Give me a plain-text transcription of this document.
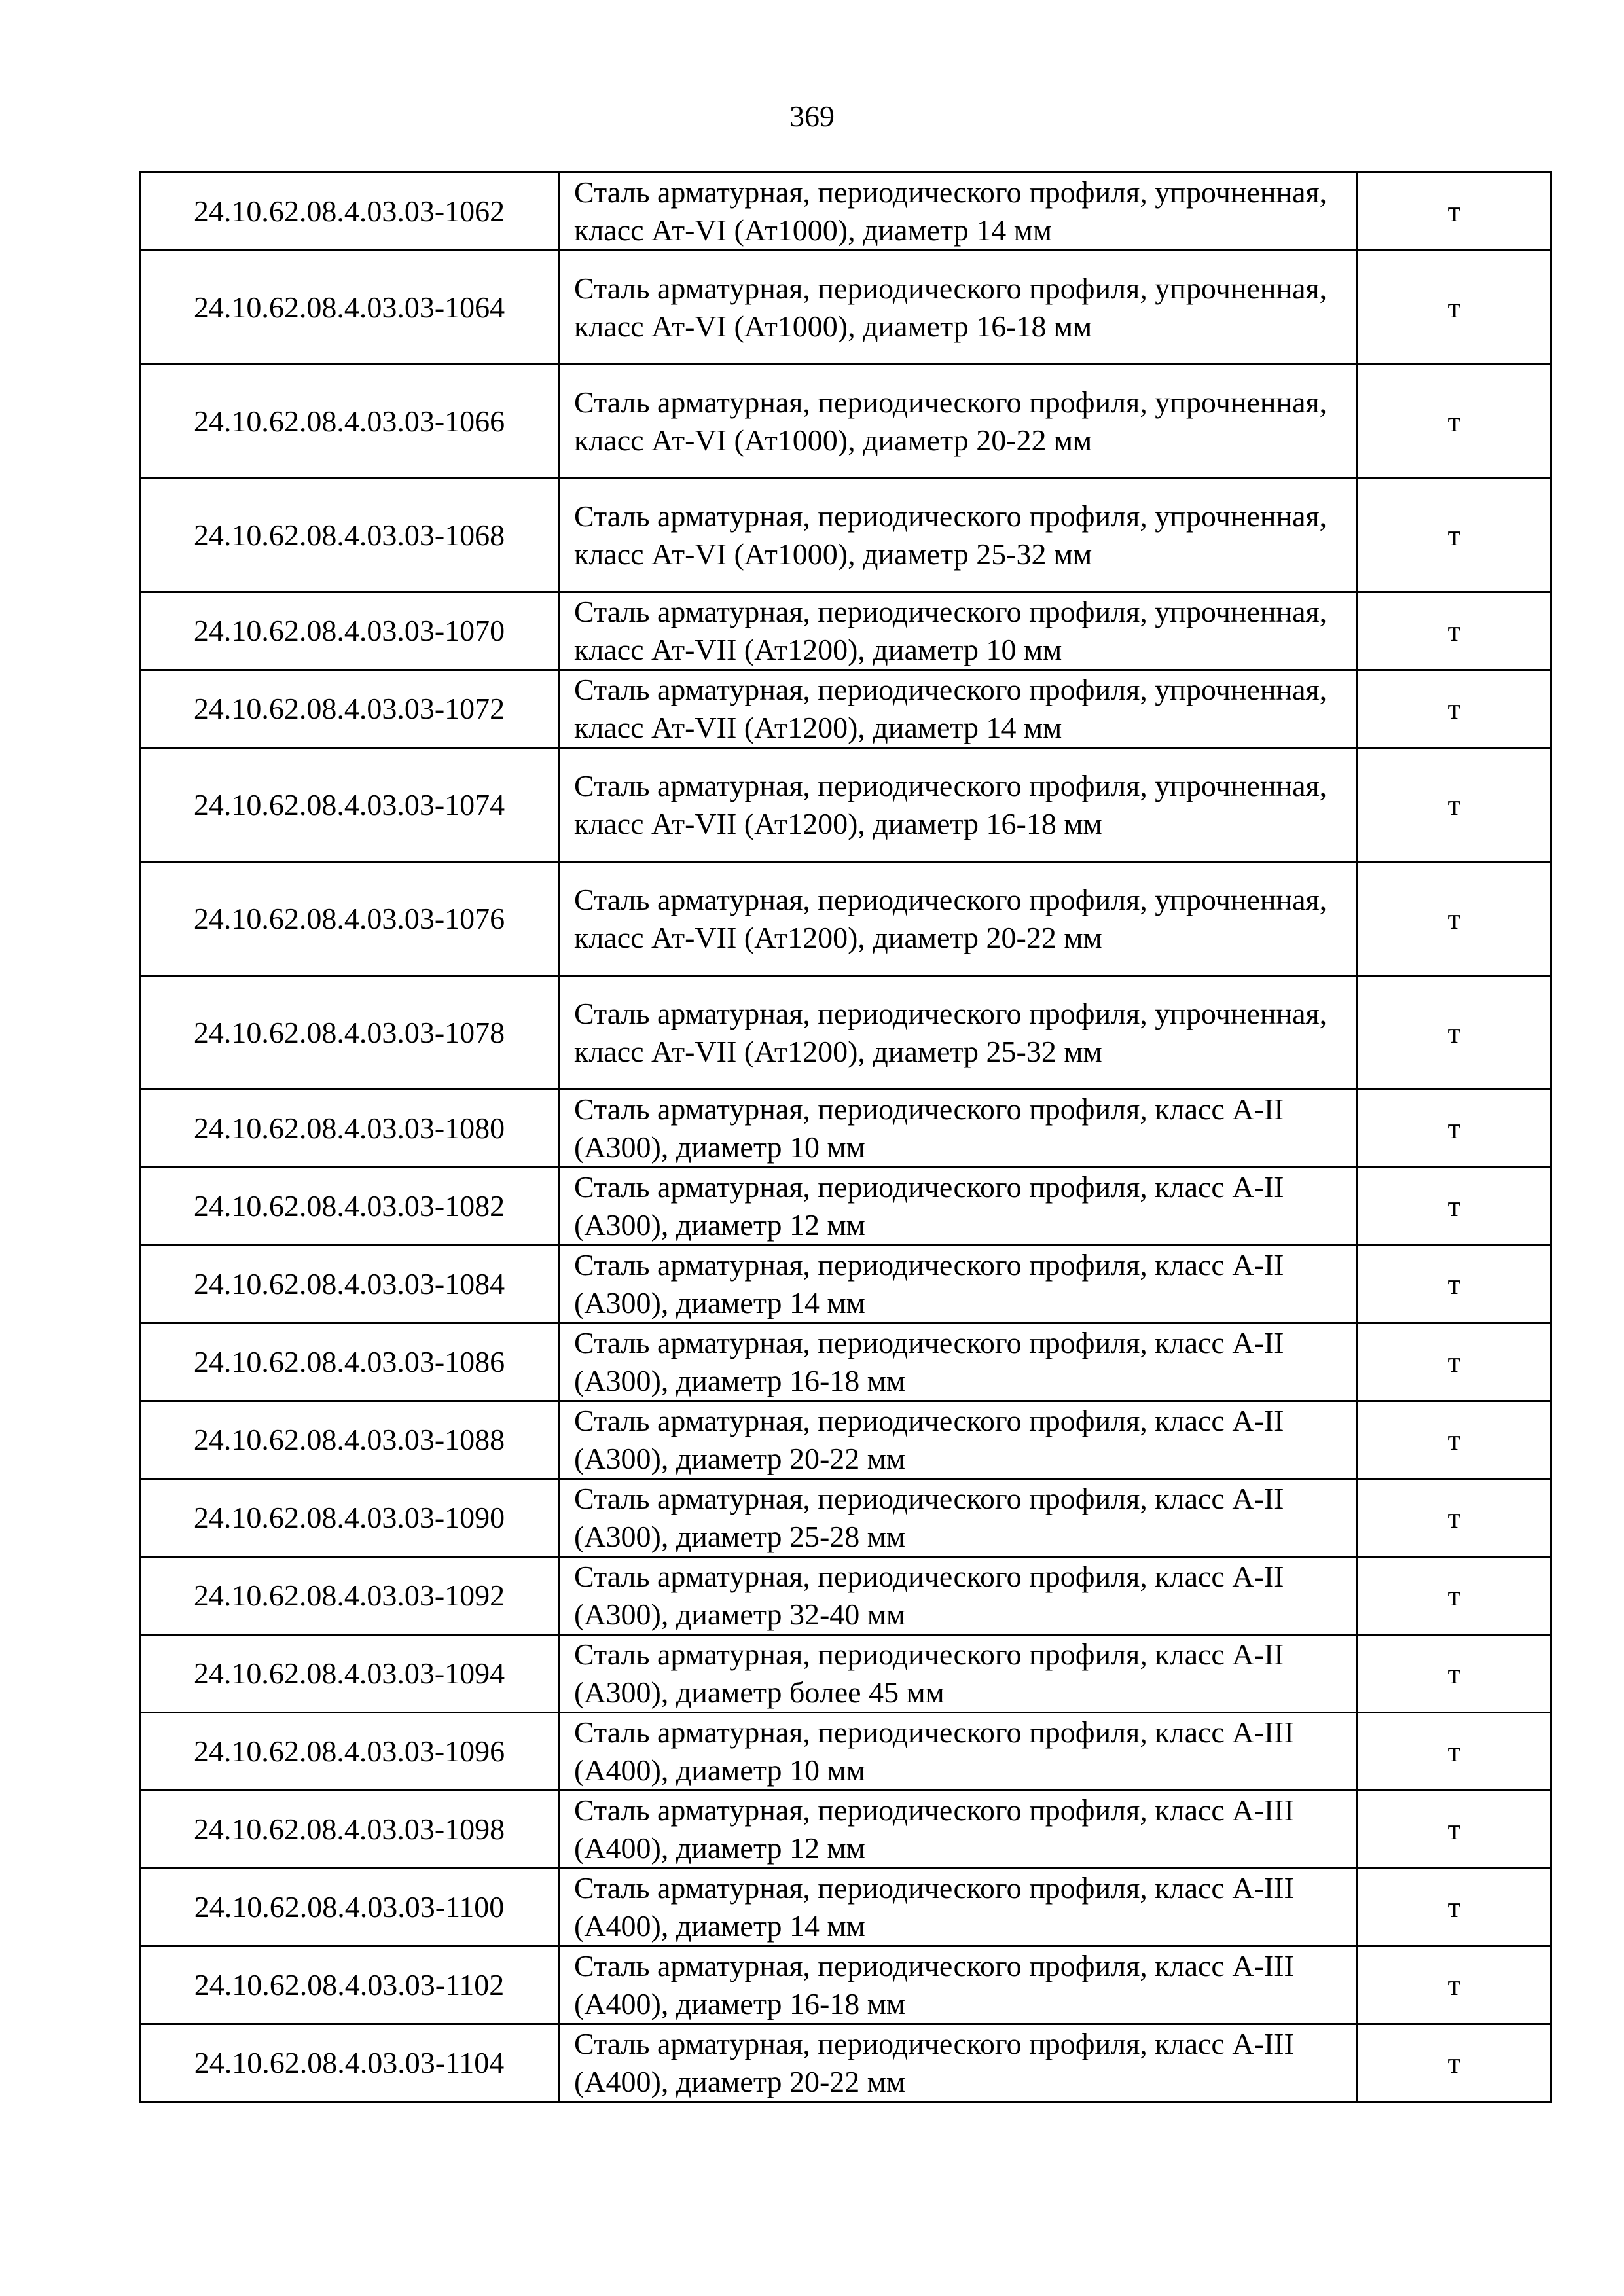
369
24.10.62.08.4.03.03-1062	Сталь арматурная, периодического профиля, упрочненная, класс Ат-VI (Ат1000), диаметр 14 мм	т
24.10.62.08.4.03.03-1064	Сталь арматурная, периодического профиля, упрочненная, класс Ат-VI (Ат1000), диаметр 16-18 мм	т
24.10.62.08.4.03.03-1066	Сталь арматурная, периодического профиля, упрочненная, класс Ат-VI (Ат1000), диаметр 20-22 мм	т
24.10.62.08.4.03.03-1068	Сталь арматурная, периодического профиля, упрочненная, класс Ат-VI (Ат1000), диаметр 25-32 мм	т
24.10.62.08.4.03.03-1070	Сталь арматурная, периодического профиля, упрочненная, класс Ат-VII (Ат1200), диаметр 10 мм	т
24.10.62.08.4.03.03-1072	Сталь арматурная, периодического профиля, упрочненная, класс Ат-VII (Ат1200), диаметр 14 мм	т
24.10.62.08.4.03.03-1074	Сталь арматурная, периодического профиля, упрочненная, класс Ат-VII (Ат1200), диаметр 16-18 мм	т
24.10.62.08.4.03.03-1076	Сталь арматурная, периодического профиля, упрочненная, класс Ат-VII (Ат1200), диаметр 20-22 мм	т
24.10.62.08.4.03.03-1078	Сталь арматурная, периодического профиля, упрочненная, класс Ат-VII (Ат1200), диаметр 25-32 мм	т
24.10.62.08.4.03.03-1080	Сталь арматурная, периодического профиля, класс А-II (А300), диаметр 10 мм	т
24.10.62.08.4.03.03-1082	Сталь арматурная, периодического профиля, класс А-II (А300), диаметр 12 мм	т
24.10.62.08.4.03.03-1084	Сталь арматурная, периодического профиля, класс А-II (А300), диаметр 14 мм	т
24.10.62.08.4.03.03-1086	Сталь арматурная, периодического профиля, класс А-II (А300), диаметр 16-18 мм	т
24.10.62.08.4.03.03-1088	Сталь арматурная, периодического профиля, класс А-II (А300), диаметр 20-22 мм	т
24.10.62.08.4.03.03-1090	Сталь арматурная, периодического профиля, класс А-II (А300), диаметр 25-28 мм	т
24.10.62.08.4.03.03-1092	Сталь арматурная, периодического профиля, класс А-II (А300), диаметр 32-40 мм	т
24.10.62.08.4.03.03-1094	Сталь арматурная, периодического профиля, класс А-II (А300), диаметр более 45 мм	т
24.10.62.08.4.03.03-1096	Сталь арматурная, периодического профиля, класс А-III (А400), диаметр 10 мм	т
24.10.62.08.4.03.03-1098	Сталь арматурная, периодического профиля, класс А-III (А400), диаметр 12 мм	т
24.10.62.08.4.03.03-1100	Сталь арматурная, периодического профиля, класс А-III (А400), диаметр 14 мм	т
24.10.62.08.4.03.03-1102	Сталь арматурная, периодического профиля, класс А-III (А400), диаметр 16-18 мм	т
24.10.62.08.4.03.03-1104	Сталь арматурная, периодического профиля, класс А-III (А400), диаметр 20-22 мм	т
